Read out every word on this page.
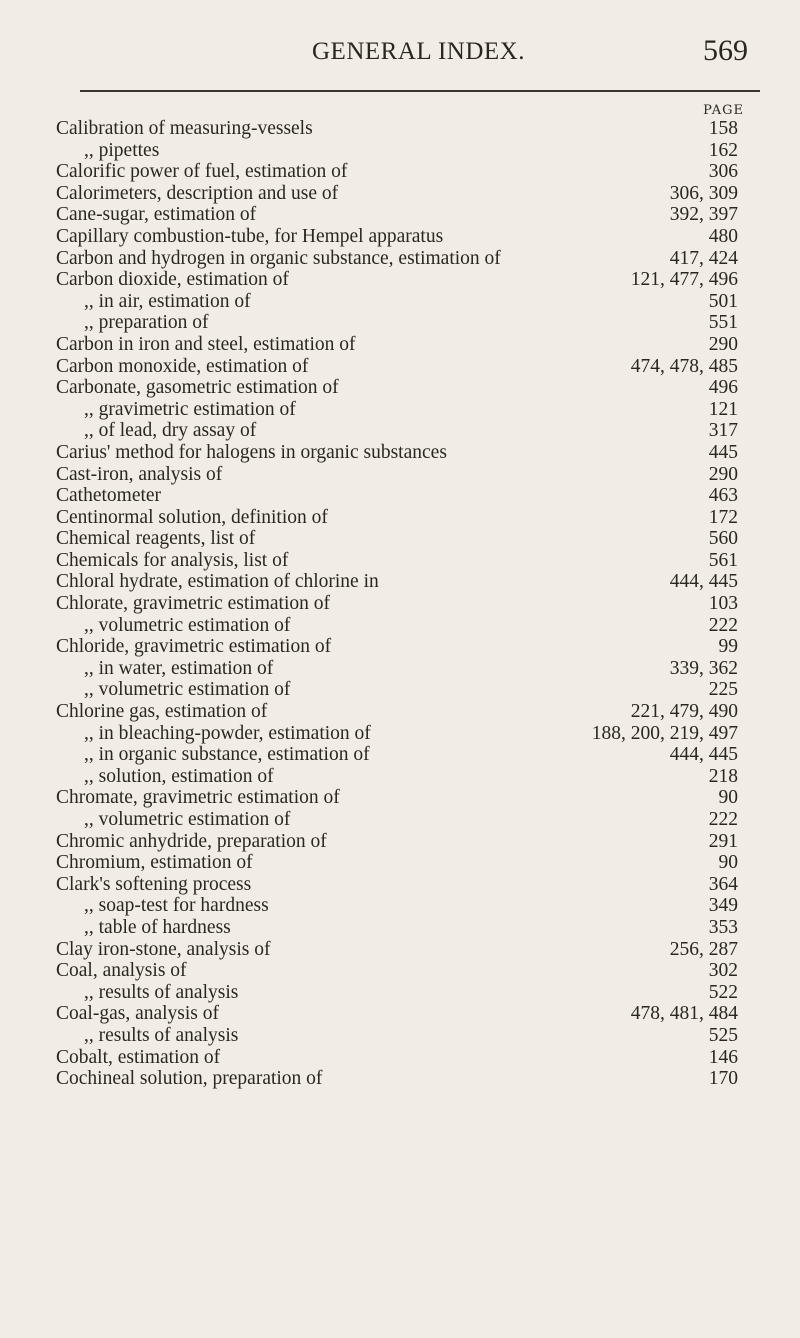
GENERAL INDEX.	569
PAGE
Calibration of measuring-vessels	158
,, pipettes	162
Calorific power of fuel, estimation of	306
Calorimeters, description and use of	306, 309
Cane-sugar, estimation of	392, 397
Capillary combustion-tube, for Hempel apparatus	480
Carbon and hydrogen in organic substance, estimation of	417, 424
Carbon dioxide, estimation of	121, 477, 496
,, in air, estimation of	501
,, preparation of	551
Carbon in iron and steel, estimation of	290
Carbon monoxide, estimation of	474, 478, 485
Carbonate, gasometric estimation of	496
,, gravimetric estimation of	121
,, of lead, dry assay of	317
Carius' method for halogens in organic substances	445
Cast-iron, analysis of	290
Cathetometer	463
Centinormal solution, definition of	172
Chemical reagents, list of	560
Chemicals for analysis, list of	561
Chloral hydrate, estimation of chlorine in	444, 445
Chlorate, gravimetric estimation of	103
,, volumetric estimation of	222
Chloride, gravimetric estimation of	99
,, in water, estimation of	339, 362
,, volumetric estimation of	225
Chlorine gas, estimation of	221, 479, 490
,, in bleaching-powder, estimation of	188, 200, 219, 497
,, in organic substance, estimation of	444, 445
,, solution, estimation of	218
Chromate, gravimetric estimation of	90
,, volumetric estimation of	222
Chromic anhydride, preparation of	291
Chromium, estimation of	90
Clark's softening process	364
,, soap-test for hardness	349
,, table of hardness	353
Clay iron-stone, analysis of	256, 287
Coal, analysis of	302
,, results of analysis	522
Coal-gas, analysis of	478, 481, 484
,, results of analysis	525
Cobalt, estimation of	146
Cochineal solution, preparation of	170
